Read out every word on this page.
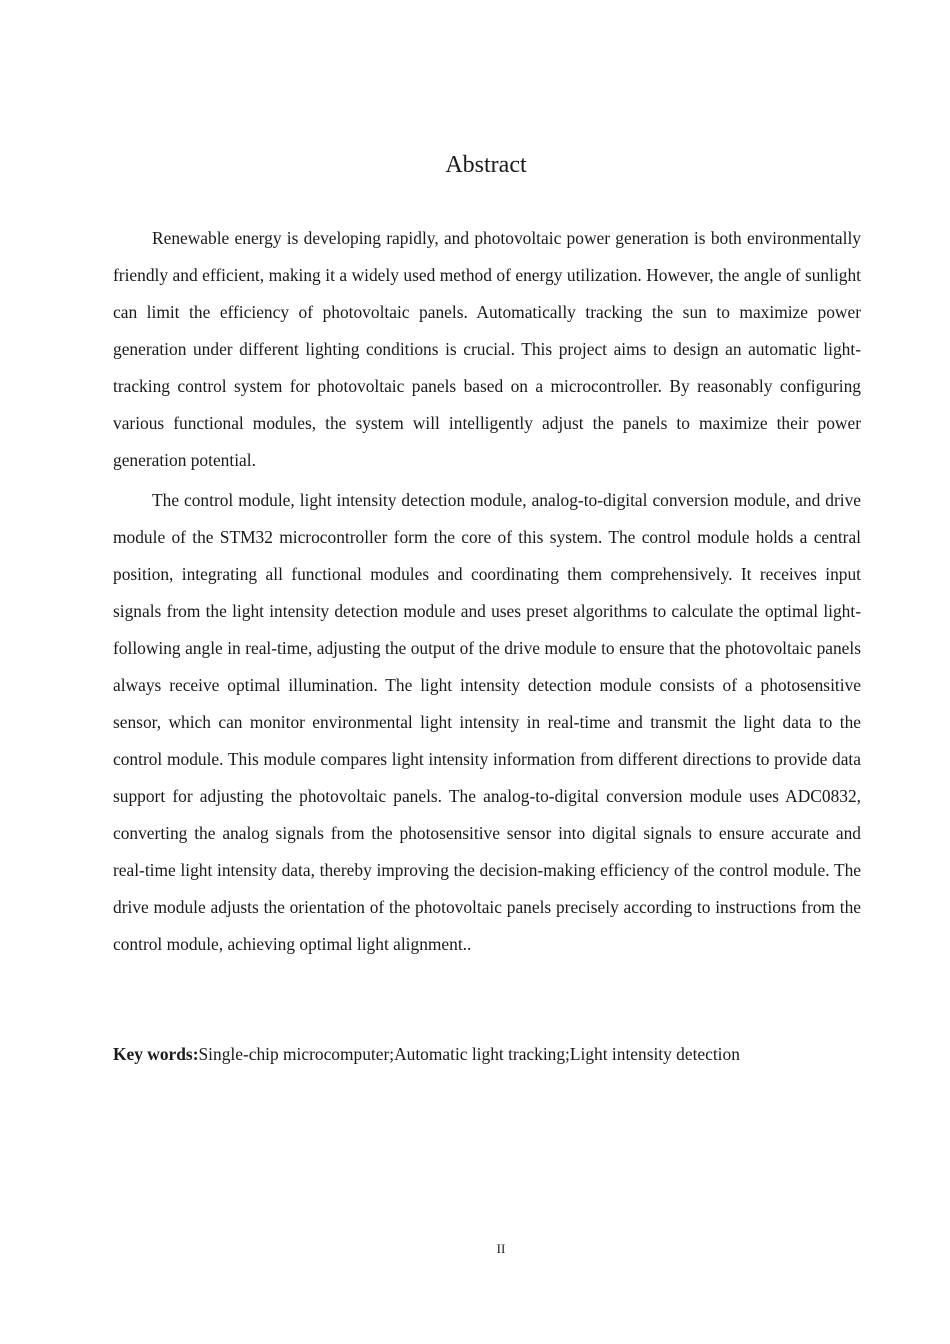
Abstract

Renewable energy is developing rapidly, and photovoltaic power generation is both environmentally friendly and efficient, making it a widely used method of energy utilization. However, the angle of sunlight can limit the efficiency of photovoltaic panels. Automatically tracking the sun to maximize power generation under different lighting conditions is crucial. This project aims to design an automatic light-tracking control system for photovoltaic panels based on a microcontroller. By reasonably configuring various functional modules, the system will intelligently adjust the panels to maximize their power generation potential.

The control module, light intensity detection module, analog-to-digital conversion module, and drive module of the STM32 microcontroller form the core of this system. The control module holds a central position, integrating all functional modules and coordinating them comprehensively. It receives input signals from the light intensity detection module and uses preset algorithms to calculate the optimal light-following angle in real-time, adjusting the output of the drive module to ensure that the photovoltaic panels always receive optimal illumination. The light intensity detection module consists of a photosensitive sensor, which can monitor environmental light intensity in real-time and transmit the light data to the control module. This module compares light intensity information from different directions to provide data support for adjusting the photovoltaic panels. The analog-to-digital conversion module uses ADC0832, converting the analog signals from the photosensitive sensor into digital signals to ensure accurate and real-time light intensity data, thereby improving the decision-making efficiency of the control module. The drive module adjusts the orientation of the photovoltaic panels precisely according to instructions from the control module, achieving optimal light alignment..

Key words:Single-chip microcomputer;Automatic light tracking;Light intensity detection

II
